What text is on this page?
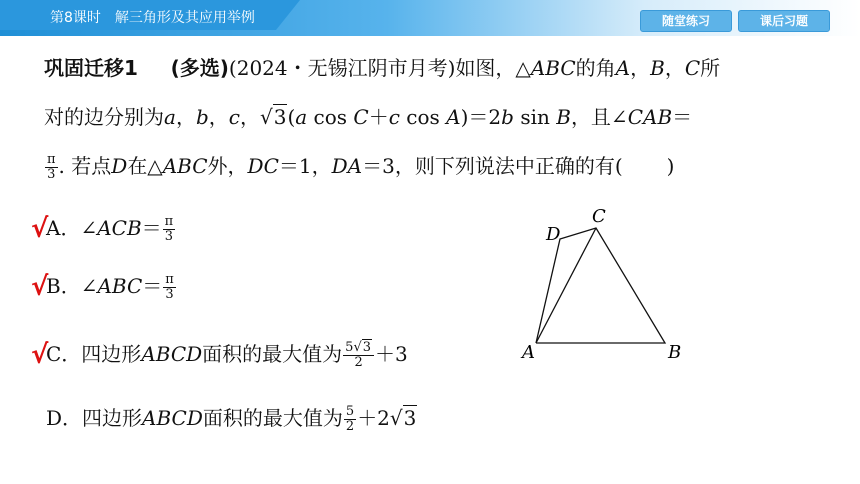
第8课时 解三角形及其应用举例	随堂练习	课后习题
巩固迁移1 (多选)(2024・无锡江阴市月考)如图，△ABC的角A，B，C所
对的边分别为a，b，c，√3(a cos C＋c cos A)＝2b sin B，且∠CAB＝
$\frac{\pi}{3}$ . 若点D在△ABC外，DC＝1，DA＝3，则下列说法中正确的有( )
√
A．∠ACB＝ $\frac{\pi}{3}$
√
B．∠ABC＝ $\frac{\pi}{3}$
√
C．四边形ABCD面积的最大值为 $\frac{5√3}{2} +3$
D．四边形ABCD面积的最大值为 $\frac{5}{2} +2√3$
C
D
A	B
